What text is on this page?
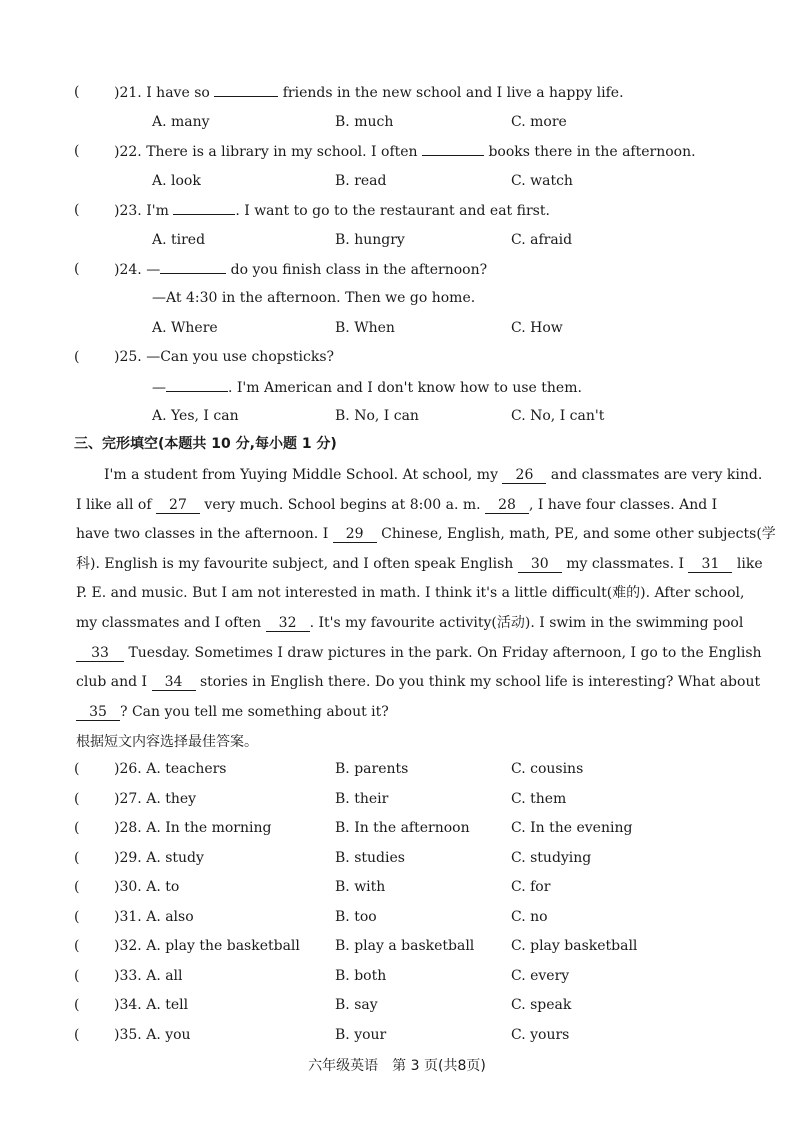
( )21. I have so	friends in the new school and I live a happy life.
A. many	B. much	C. more
( )22. There is a library in my school. I often	books there in the afternoon.
A. look	B. read	C. watch
( )23. I'm	. I want to go to the restaurant and eat first.
A. tired	B. hungry	C. afraid
( )24. —	do you finish class in the afternoon?
—At 4:30 in the afternoon. Then we go home.
A. Where	B. When	C. How
( )25. —Can you use chopsticks?
—	. I'm American and I don't know how to use them.
A. Yes, I can	B. No, I can	C. No, I can't
三、完形填空(本题共 10 分,每小题 1 分)
I'm a student from Yuying Middle School. At school, my 26 and classmates are very kind.
I like all of 27 very much. School begins at 8:00 a. m. 28 , I have four classes. And I
have two classes in the afternoon. I 29 Chinese, English, math, PE, and some other subjects(学
科). English is my favourite subject, and I often speak English 30 my classmates. I 31 like
P. E. and music. But I am not interested in math. I think it's a little difficult(难的). After school,
my classmates and I often 32 . It's my favourite activity(活动). I swim in the swimming pool
33 Tuesday. Sometimes I draw pictures in the park. On Friday afternoon, I go to the English
club and I 34 stories in English there. Do you think my school life is interesting? What about
35 ? Can you tell me something about it?
根据短文内容选择最佳答案。
( )26. A. teachers	B. parents	C. cousins
( )27. A. they	B. their	C. them
( )28. A. In the morning	B. In the afternoon	C. In the evening
( )29. A. study	B. studies	C. studying
( )30. A. to	B. with	C. for
( )31. A. also	B. too	C. no
( )32. A. play the basketball	B. play a basketball	C. play basketball
( )33. A. all	B. both	C. every
( )34. A. tell	B. say	C. speak
( )35. A. you	B. your	C. yours
六年级英语　第 3 页(共8页)
